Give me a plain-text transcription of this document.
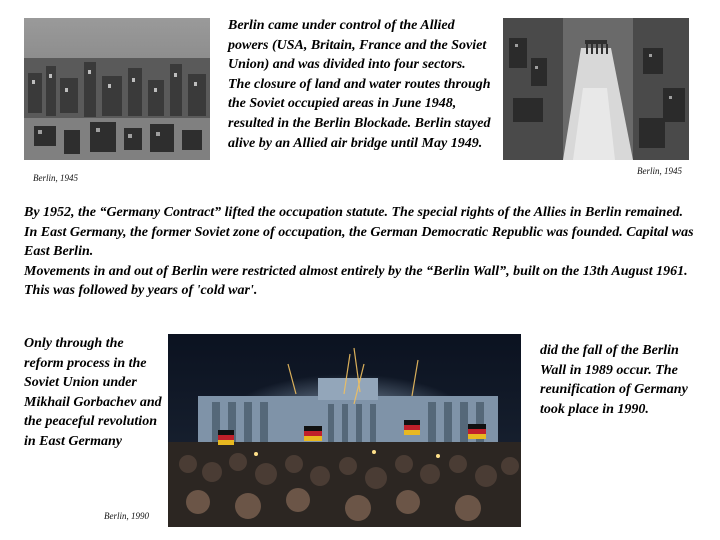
Berlin, 1945

Berlin came under control of the Allied powers (USA, Britain, France and the Soviet Union) and was divided into four sectors.

The closure of land and water routes through the Soviet occupied areas in June 1948, resulted in the Berlin Blockade. Berlin stayed alive by an Allied air bridge until May 1949.

Berlin, 1945

By 1952, the “Germany Contract” lifted the occupation statute. The special rights of the Allies in Berlin remained.

In East Germany, the former Soviet zone of occupation, the German Democratic Republic was founded. Capital was East Berlin.

Movements in and out of Berlin were restricted almost entirely by the “Berlin Wall”, built on the 13th August 1961. This was followed by years of 'cold war'.

Only through the reform process in the Soviet Union under Mikhail Gorbachev and the peaceful revolution in East Germany

Berlin, 1990

did the fall of the Berlin Wall in 1989 occur. The reunification of Germany took place in 1990.
